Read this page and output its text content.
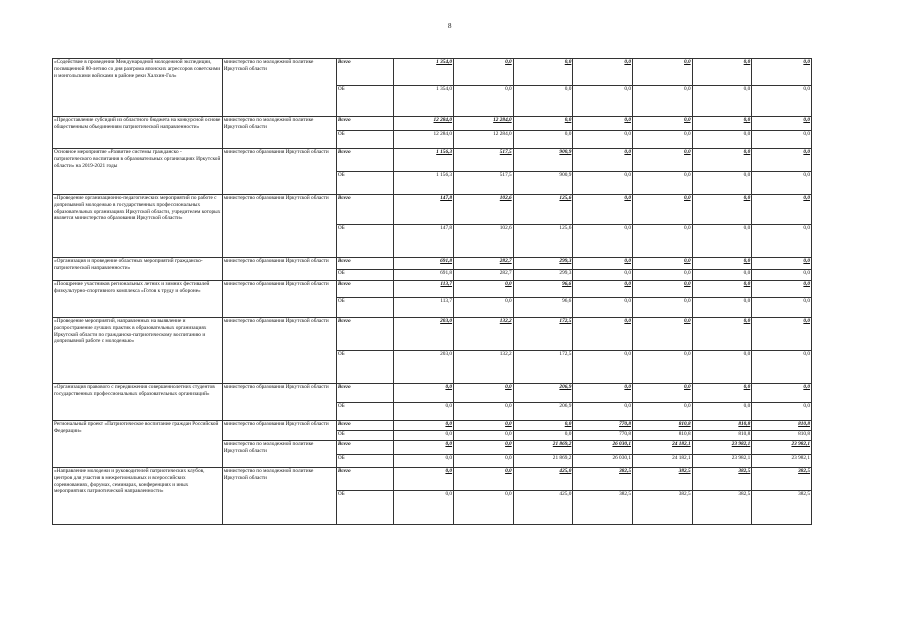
8
«Содействие в проведении Международной молодежной экспедиции, посвященной 80-летию со дня разгрома японских агрессоров советскими и монгольскими войсками в районе реки Халхин-Гол»	министерство по молодежной политике Иркутской области	Всего	1 354,0	0,0	0,0	0,0	0,0	0,0	0,0
		ОБ	1 354,0	0,0	0,0	0,0	0,0	0,0	0,0
«Предоставление субсидий из областного бюджета на конкурсной основе общественным объединениям патриотической направленности»	министерство по молодежной политике Иркутской области	Всего	12 284,0	12 284,0	0,0	0,0	0,0	0,0	0,0
		ОБ	12 284,0	12 284,0	0,0	0,0	0,0	0,0	0,0
Основное мероприятие «Развитие системы гражданско - патриотического воспитания в образовательных организациях Иркутской области» на 2019-2021 годы	министерство образования Иркутской области	Всего	1 156,3	517,5	900,9	0,0	0,0	0,0	0,0
		ОБ	1 156,3	517,5	900,9	0,0	0,0	0,0	0,0
«Проведение организационно-педагогических мероприятий по работе с допризывной молодежью в государственных профессиональных образовательных организациях Иркутской области, учредителем которых является министерство образования Иркутской области»	министерство образования Иркутской области	Всего	147,8	102,6	125,6	0,0	0,0	0,0	0,0
		ОБ	147,8	102,6	125,6	0,0	0,0	0,0	0,0
«Организация и проведение областных мероприятий гражданско-патриотической направленности»	министерство образования Иркутской области	Всего	691,8	282,7	299,3	0,0	0,0	0,0	0,0
		ОБ	691,8	282,7	299,3	0,0	0,0	0,0	0,0
«Поощрение участников региональных летних и зимних фестивалей физкультурно-спортивного комплекса «Готов к труду и обороне»	министерство образования Иркутской области	Всего	113,7	0,0	96,6	0,0	0,0	0,0	0,0
		ОБ	113,7	0,0	96,6	0,0	0,0	0,0	0,0
«Проведение мероприятий, направленных на выявление и распространение лучших практик в образовательных организациях Иркутской области по гражданско-патриотическому воспитанию и допризывной работе с молодежью»	министерство образования Иркутской области	Всего	203,0	132,2	172,5	0,0	0,0	0,0	0,0
		ОБ	203,0	132,2	172,5	0,0	0,0	0,0	0,0
«Организация правового с передвижения совершеннолетних студентов государственных профессиональных образовательных организаций»	министерство образования Иркутской области	Всего	0,0	0,0	206,9	0,0	0,0	0,0	0,0
		ОБ	0,0	0,0	206,9	0,0	0,0	0,0	0,0
Региональный проект «Патриотическое воспитание граждан Российской Федерации»	министерство образования Иркутской области	Всего	0,0	0,0	0,0	770,8	810,8	810,8	810,8
		ОБ	0,0	0,0	0,0	770,8	810,8	810,8	810,8
	министерство по молодежной политике Иркутской области	Всего	0,0	0,0	21 869,2	26 030,1	24 182,1	23 982,1	23 982,1
		ОБ	0,0	0,0	21 869,2	26 030,1	24 182,1	23 982,1	23 982,1
«Направление молодежи и руководителей патриотических клубов, центров для участия в межрегиональных и всероссийских соревнованиях, форумах, семинарах, конференциях и иных мероприятиях патриотической направленности»	министерство по молодежной политике Иркутской области	Всего	0,0	0,0	425,0	382,5	382,5	382,5	382,5
		ОБ	0,0	0,0	425,0	382,5	382,5	382,5	382,5
